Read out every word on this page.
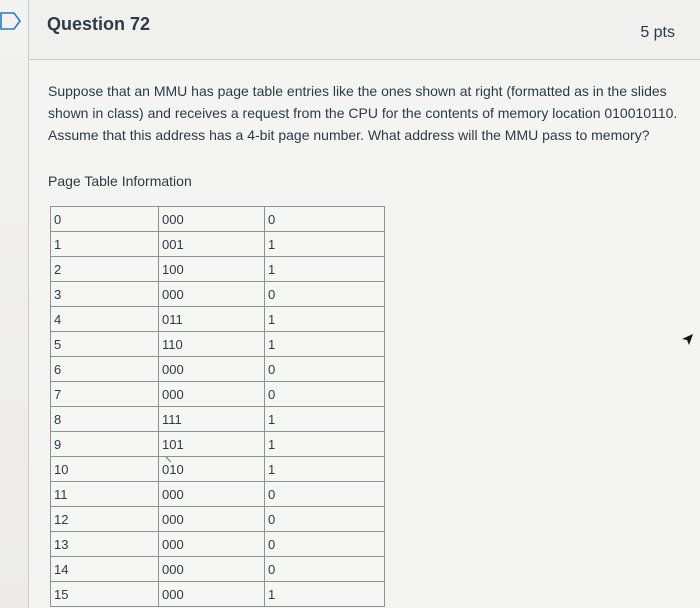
Question 72	5 pts
Suppose that an MMU has page table entries like the ones shown at right (formatted as in the slides shown in class) and receives a request from the CPU for the contents of memory location 010010110. Assume that this address has a 4-bit page number. What address will the MMU pass to memory?
Page Table Information
0	000	0
1	001	1
2	100	1
3	000	0
4	011	1
5	110	1
6	000	0
7	000	0
8	111	1
9	101	1
10	010	1
11	000	0
12	000	0
13	000	0
14	000	0
15	000	1
